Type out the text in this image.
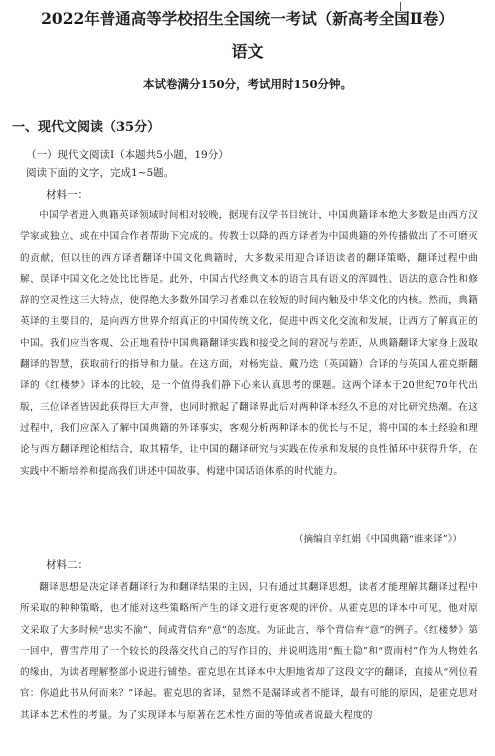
2022年普通高等学校招生全国统一考试（新高考全国Ⅱ卷）
语文
本试卷满分150分，考试用时150分钟。
一、现代文阅读（35分）
（一）现代文阅读Ⅰ（本题共5小题，19分）
阅读下面的文字，完成1~5题。
材料一：
中国学者进入典籍英译领域时间相对较晚，据现有汉学书目统计，中国典籍译本绝大多数是由西方汉学家或独立、或在中国合作者帮助下完成的。传教士以降的西方译者为中国典籍的外传播做出了不可磨灭的贡献，但以往的西方译者翻译中国文化典籍时，大多数采用迎合译语读者的翻译策略，翻译过程中曲解、误译中国文化之处比比皆是。此外，中国古代经典文本的语言具有语义的浑圆性、语法的意合性和修辞的空灵性这三大特点，使得绝大多数外国学习者难以在较短的时间内触及中华文化的内核。然而，典籍英译的主要目的，是向西方世界介绍真正的中国传统文化，促进中西文化交流和发展，让西方了解真正的中国。我们应当客观、公正地看待中国典籍翻译实践和接受之间的窘况与差距，从典籍翻译大家身上汲取翻译的智慧，获取前行的指导和力量。在这方面，对杨宪益、戴乃迭（英国籍）合译的与英国人霍克斯翻译的《红楼梦》译本的比较，是一个值得我们静下心来认真思考的课题。这两个译本于20世纪70年代出版，三位译者皆因此获得巨大声誉，也同时掀起了翻译界此后对两种译本经久不息的对比研究热潮。在这过程中，我们应深入了解中国典籍的外译事实，客观分析两种译本的优长与不足，将中国的本土经验和理论与西方翻译理论相结合，取其精华，让中国的翻译研究与实践在传承和发展的良性循环中获得升华，在实践中不断培养和提高我们讲述中国故事、构建中国话语体系的时代能力。
（摘编自辛红娟《中国典籍“谁来译”》）
材料二：
翻译思想是决定译者翻译行为和翻译结果的主因，只有通过其翻译思想，读者才能理解其翻译过程中所采取的种种策略，也才能对这些策略所产生的译文进行更客观的评价。从霍克思的译本中可见，他对原文采取了大多时候“忠实不渝”、间或背信弃“意”的态度。为证此言，举个背信弃“意”的例子。《红楼梦》第一回中，曹雪芹用了一个较长的段落交代自己的写作目的，并说明选用“甄士隐”和“贾雨村”作为人物姓名的缘由，为读者理解整部小说进行铺垫。霍克思在其译本中大胆地省却了这段文字的翻译，直接从“列位看官：你道此书从何而来？”译起。霍克思的省译，显然不是漏译或者不能译，最有可能的原因，是霍克思对其译本艺术性的考量。为了实现译本与原著在艺术性方面的等值或者说最大程度的
